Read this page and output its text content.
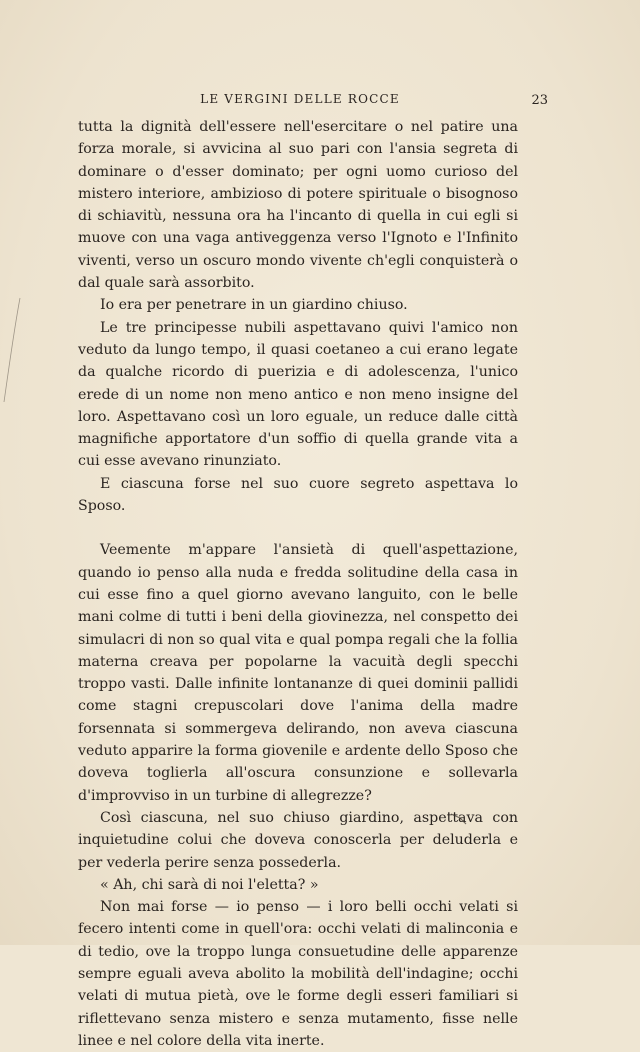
LE VERGINI DELLE ROCCE	23

tutta la dignità dell'essere nell'esercitare o nel patire una forza morale, si avvicina al suo pari con l'ansia segreta di dominare o d'esser dominato; per ogni uomo curioso del mistero interiore, ambizioso di potere spirituale o bisognoso di schiavitù, nessuna ora ha l'incanto di quella in cui egli si muove con una vaga antiveggenza verso l'Ignoto e l'Infinito viventi, verso un oscuro mondo vivente ch'egli conquisterà o dal quale sarà assorbito.

Io era per penetrare in un giardino chiuso.

Le tre principesse nubili aspettavano quivi l'amico non veduto da lungo tempo, il quasi coetaneo a cui erano legate da qualche ricordo di puerizia e di adolescenza, l'unico erede di un nome non meno antico e non meno insigne del loro. Aspettavano così un loro eguale, un reduce dalle città magnifiche apportatore d'un soffio di quella grande vita a cui esse avevano rinunziato.

E ciascuna forse nel suo cuore segreto aspettava lo Sposo.

Veemente m'appare l'ansietà di quell'aspettazione, quando io penso alla nuda e fredda solitudine della casa in cui esse fino a quel giorno avevano languito, con le belle mani colme di tutti i beni della giovinezza, nel conspetto dei simulacri di non so qual vita e qual pompa regali che la follia materna creava per popolarne la vacuità degli specchi troppo vasti. Dalle infinite lontananze di quei dominii pallidi come stagni crepuscolari dove l'anima della madre forsennata si sommergeva delirando, non aveva ciascuna veduto apparire la forma giovenile e ardente dello Sposo che doveva toglierla all'oscura consunzione e sollevarla d'improvviso in un turbine di allegrezze?

Così ciascuna, nel suo chiuso giardino, aspettava con inquietudine colui che doveva conoscerla per deluderla e per vederla perire senza possederla.

« Ah, chi sarà di noi l'eletta? »

Non mai forse — io penso — i loro belli occhi velati si fecero intenti come in quell'ora: occhi velati di malinconia e di tedio, ove la troppo lunga consuetudine delle apparenze sempre eguali aveva abolito la mobilità dell'indagine; occhi velati di mutua pietà, ove le forme degli esseri familiari si riflettevano senza mistero e senza mutamento, fisse nelle linee e nel colore della vita inerte.
